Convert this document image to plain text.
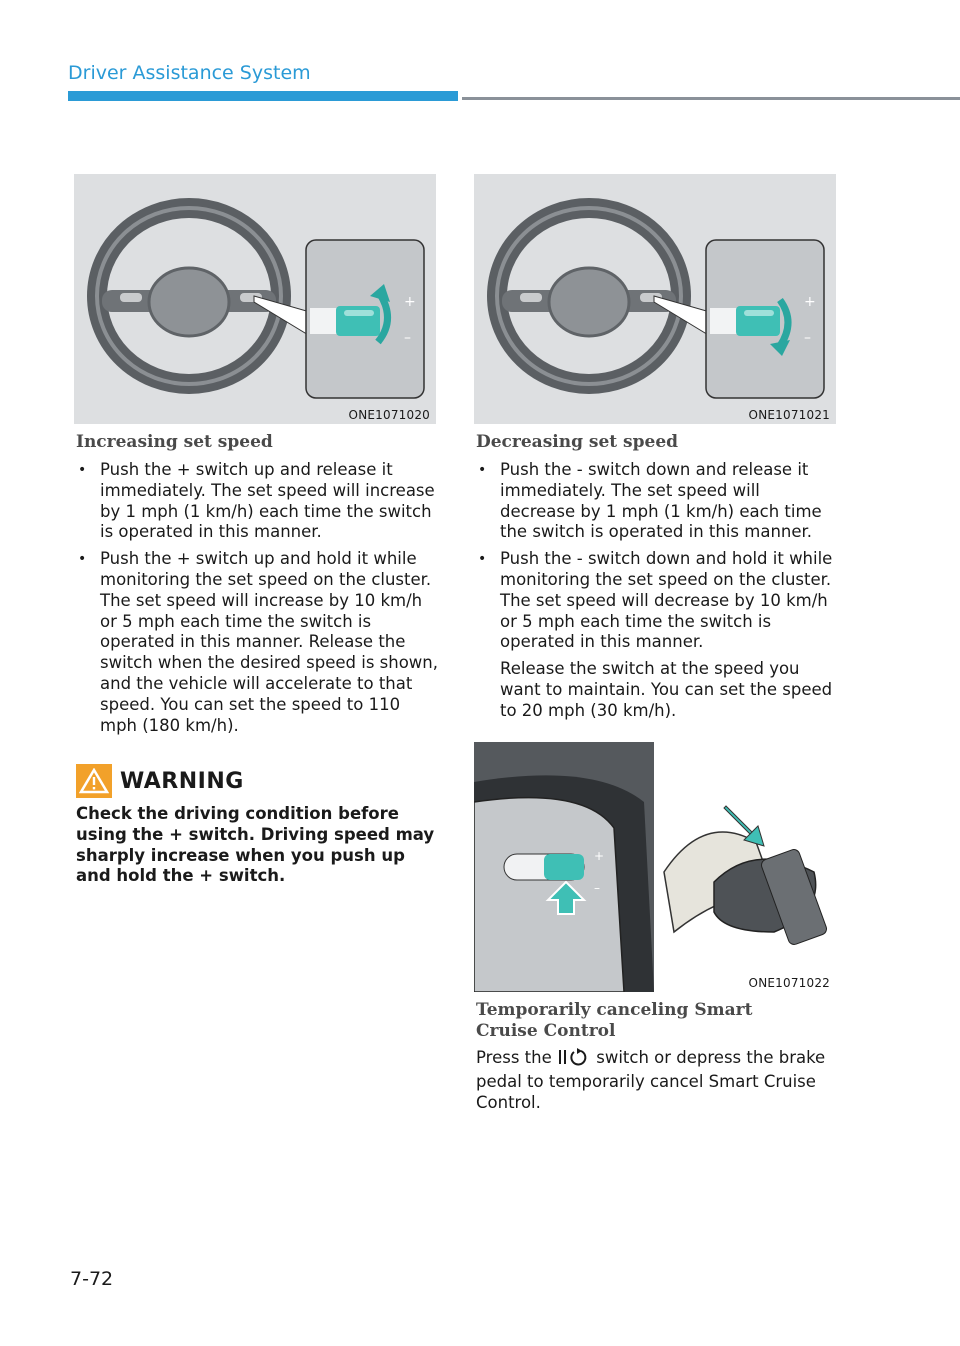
Driver Assistance System
+
–
ONE1071020
+
–
ONE1071021
Increasing set speed
• Push the + switch up and release it immediately. The set speed will increase by 1 mph (1 km/h) each time the switch is operated in this manner.

• Push the + switch up and hold it while monitoring the set speed on the cluster. The set speed will increase by 10 km/h or 5 mph each time the switch is operated in this manner. Release the switch when the desired speed is shown, and the vehicle will accelerate to that speed. You can set the speed to 110 mph (180 km/h).

WARNING
Check the driving condition before using the + switch. Driving speed may sharply increase when you push up and hold the + switch.
Decreasing set speed
• Push the - switch down and release it immediately. The set speed will decrease by 1 mph (1 km/h) each time the switch is operated in this manner.

• Push the - switch down and hold it while monitoring the set speed on the cluster. The set speed will decrease by 10 km/h or 5 mph each time the switch is operated in this manner.

Release the switch at the speed you want to maintain. You can set the speed to 20 mph (30 km/h).

+
–
ONE1071022
Temporarily canceling Smart Cruise Control

Press the  switch or depress the brake pedal to temporarily cancel Smart Cruise Control.

7-72
